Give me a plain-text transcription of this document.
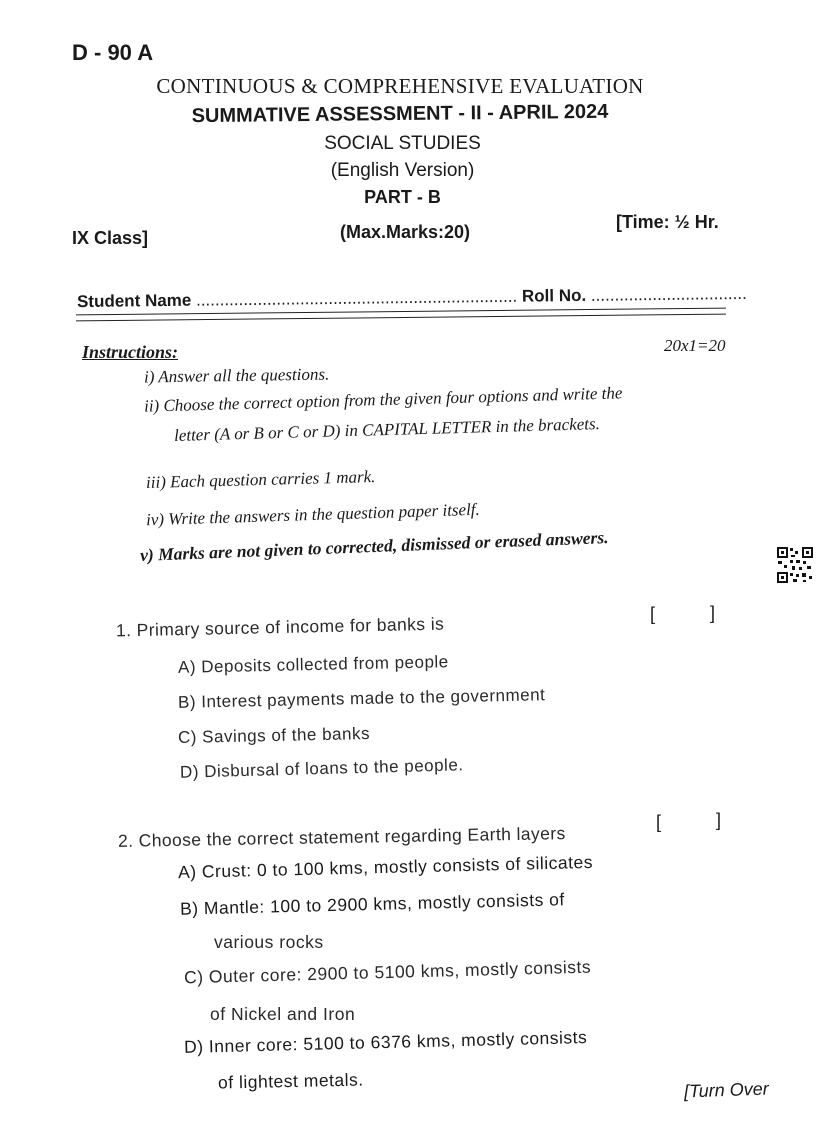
D - 90 A
CONTINUOUS & COMPREHENSIVE EVALUATION
SUMMATIVE ASSESSMENT - II - APRIL 2024
SOCIAL STUDIES
(English Version)
PART - B
IX Class]	(Max.Marks:20)	[Time: ½ Hr.
Student Name .................................................................... Roll No. .................................
Instructions:	20x1=20
i) Answer all the questions.
ii) Choose the correct option from the given four options and write the
letter (A or B or C or D) in CAPITAL LETTER in the brackets.
iii) Each question carries 1 mark.
iv) Write the answers in the question paper itself.
v) Marks are not given to corrected, dismissed or erased answers.
1. Primary source of income for banks is	[	]
A) Deposits collected from people
B) Interest payments made to the government
C) Savings of the banks
D) Disbursal of loans to the people.
2. Choose the correct statement regarding Earth layers
[	]
A) Crust: 0 to 100 kms, mostly consists of silicates
B) Mantle: 100 to 2900 kms, mostly consists of
various rocks
C) Outer core: 2900 to 5100 kms, mostly consists
of Nickel and Iron
D) Inner core: 5100 to 6376 kms, mostly consists
of lightest metals.	[Turn Over
